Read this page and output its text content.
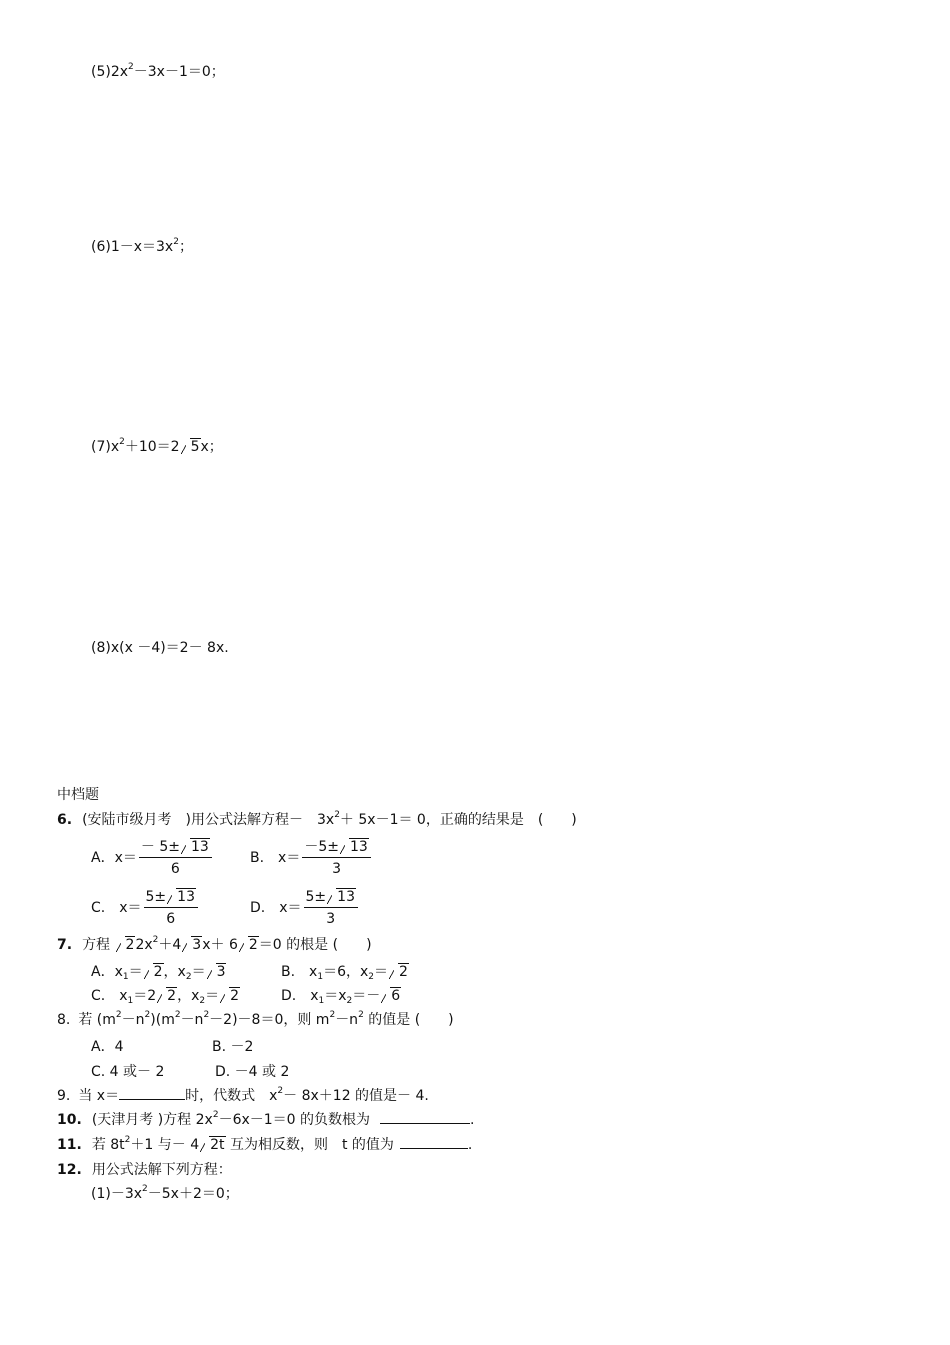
$(5)2x^2-3x-1=0$；
$(6)1-x=3x^2$；
$(7)x^2+10=2$ 5x；
(8)x(x －4)＝2－ 8x.
中档题
6. (安陆市级月考　)用公式法解方程－　$3x^2+ 5x-1= 0$，正确的结果是　(　　)
A．$x= \frac{- 5\pm 13}{6}$	B.　$x= \frac{-5\pm 13}{3}$
C.　$x= \frac{5\pm 13}{6}$	D.　$x= \frac{5\pm 13}{3}$
7. 方程 $22x^2+4$ 3x＋ 6 2＝0 的根是 (　　)
A．$x_1= 2$，$x_2= 3$	B.　$x_1=6$，$x_2= 2$
C.　$x_1=2$ 2，$x_2= 2$	D.　$x_1=x_2=- 6$
8. 若 $(m^2-n^2)(m^2-n^2-2)-8=0$，则 $m^2-n^2$ 的值是 (　　)
A．4	B. －2
C. 4 或－ 2	D. －4 或 2
9. 当 x＝	时，代数式　$x^2- 8x+12$ 的值是－ 4.
10. (天津月考 )方程 $2x^2-6x-1=0$ 的负数根为	.
11. 若 $8t^2+1$ 与－ 4 2t 互为相反数，则　t 的值为	.
12. 用公式法解下列方程：
$(1)-3x^2-5x+2=0$；
